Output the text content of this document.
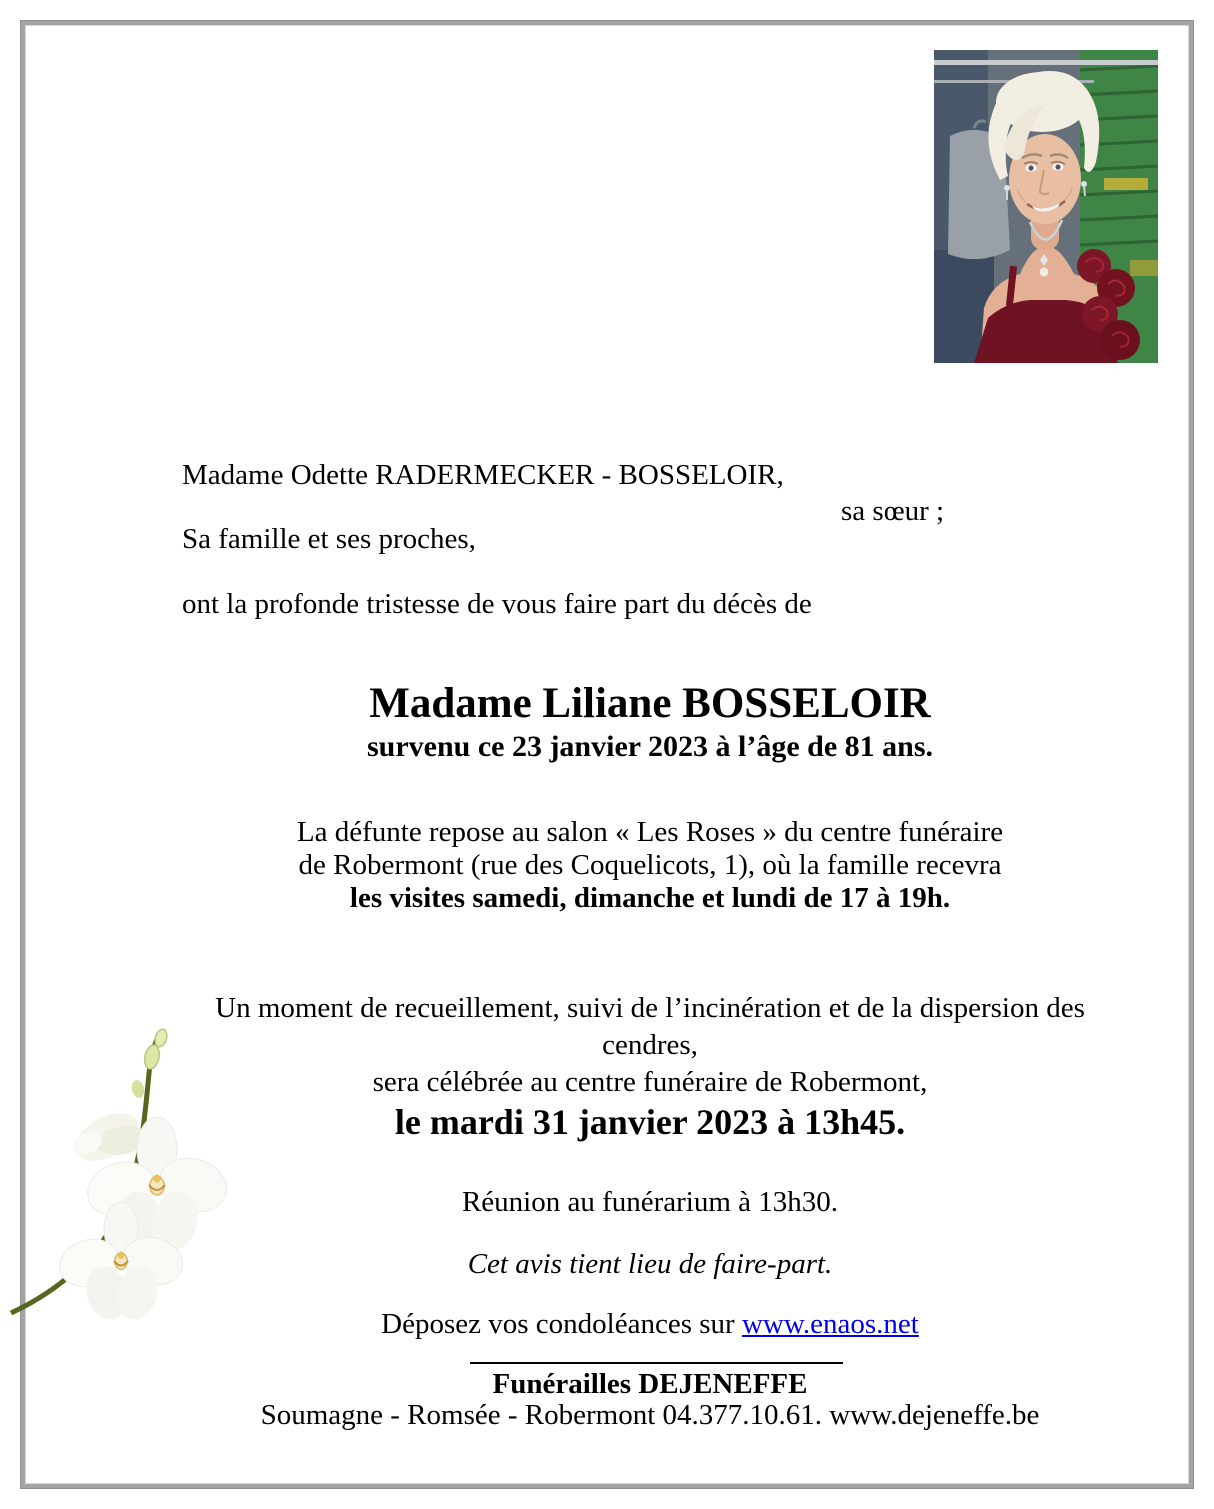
Madame Odette RADERMECKER - BOSSELOIR,
sa sœur ;
Sa famille et ses proches,
ont la profonde tristesse de vous faire part du décès de
Madame Liliane BOSSELOIR
survenu ce 23 janvier 2023 à l’âge de 81 ans.
La défunte repose au salon « Les Roses » du centre funéraire
de Robermont (rue des Coquelicots, 1), où la famille recevra
les visites samedi, dimanche et lundi de 17 à 19h.
Un moment de recueillement, suivi de l’incinération et de la dispersion des cendres,
sera célébrée au centre funéraire de Robermont,
le mardi 31 janvier 2023 à 13h45.
Réunion au funérarium à 13h30.
Cet avis tient lieu de faire-part.
Déposez vos condoléances sur www.enaos.net
Funérailles DEJENEFFE
Soumagne - Romsée - Robermont 04.377.10.61. www.dejeneffe.be
